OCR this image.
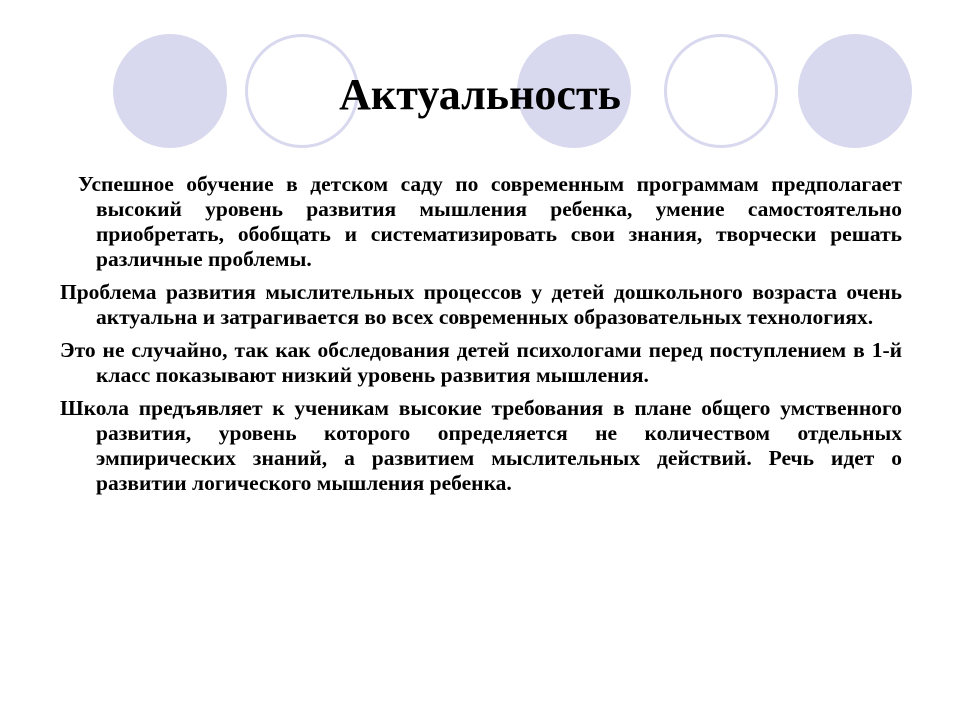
Актуальность

Успешное обучение в детском саду по современным программам предполагает высокий уровень развития мышления ребенка, умение самостоятельно приобретать, обобщать и систематизировать свои знания, творчески решать различные проблемы.

Проблема развития мыслительных процессов у детей дошкольного возраста очень актуальна и затрагивается во всех современных образовательных технологиях.

Это не случайно, так как обследования детей психологами перед поступлением в 1-й класс показывают низкий уровень развития мышления.

Школа предъявляет к ученикам высокие требования в плане общего умственного развития, уровень которого определяется не количеством отдельных эмпирических знаний, а развитием мыслительных действий. Речь идет о развитии логического мышления ребенка.
